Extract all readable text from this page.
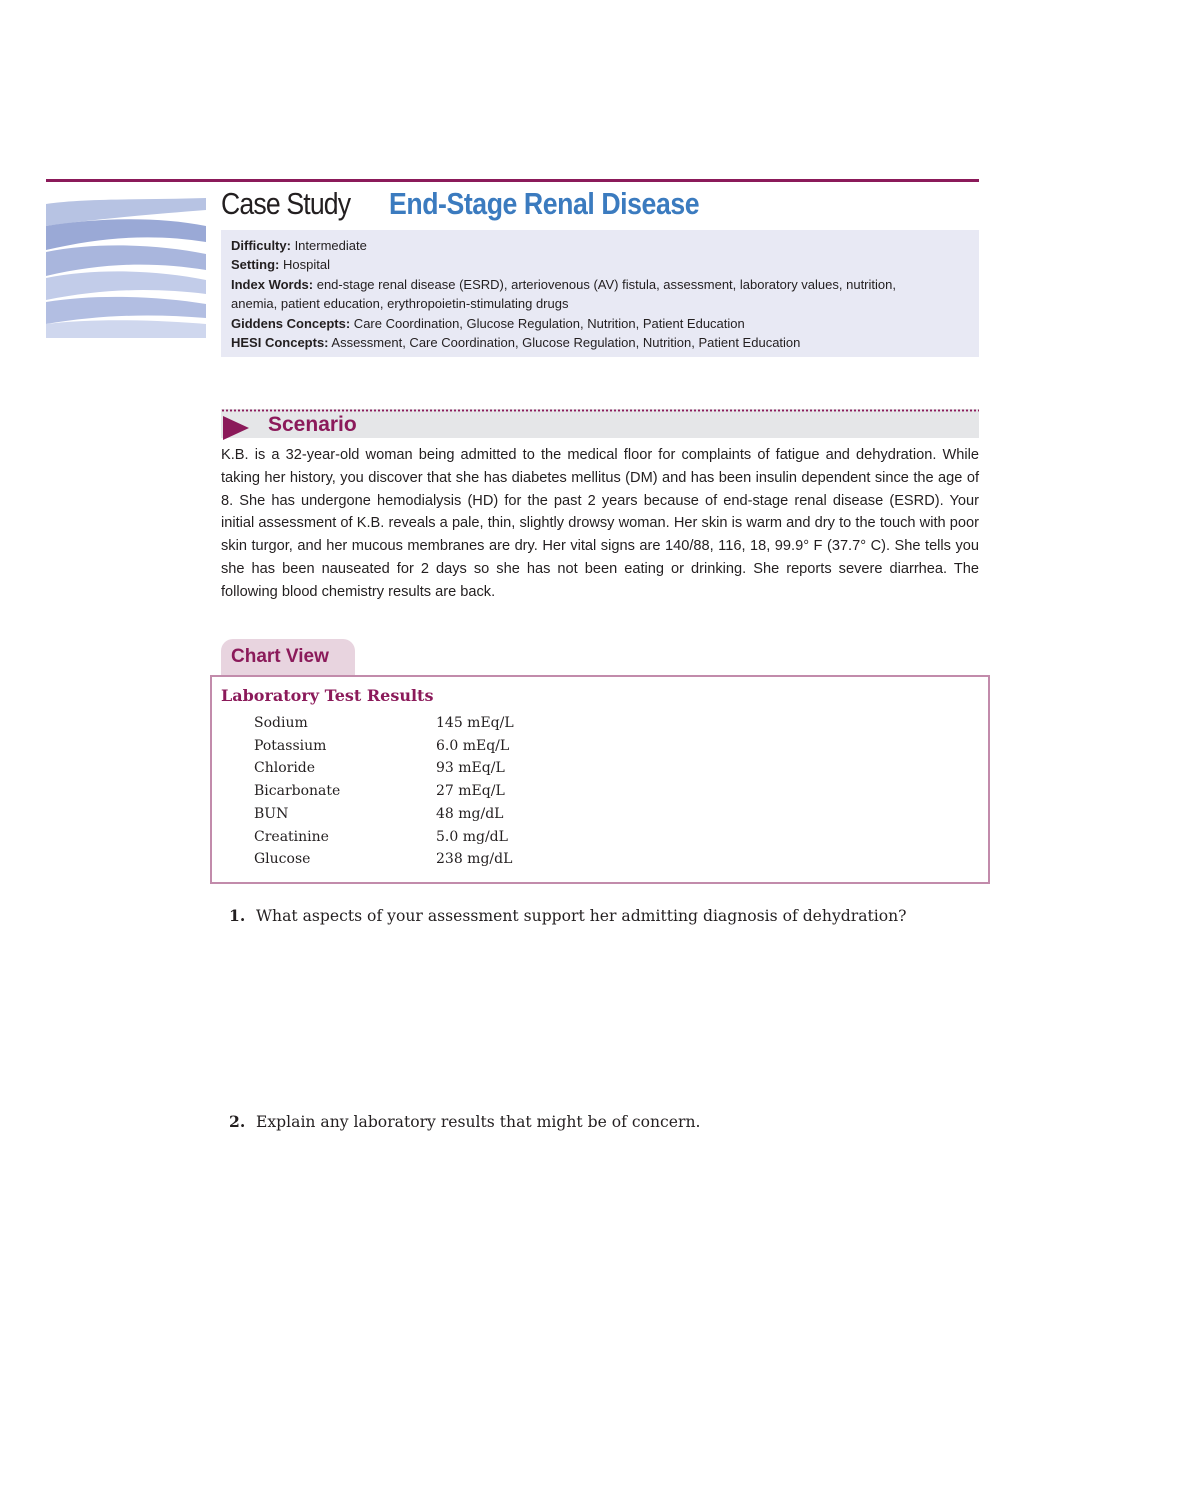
Case Study End-Stage Renal Disease
Difficulty: Intermediate
Setting: Hospital
Index Words: end-stage renal disease (ESRD), arteriovenous (AV) fistula, assessment, laboratory values, nutrition,
anemia, patient education, erythropoietin-stimulating drugs
Giddens Concepts: Care Coordination, Glucose Regulation, Nutrition, Patient Education
HESI Concepts: Assessment, Care Coordination, Glucose Regulation, Nutrition, Patient Education
Scenario
K.B. is a 32-year-old woman being admitted to the medical floor for complaints of fatigue and dehydration. While taking her history, you discover that she has diabetes mellitus (DM) and has been insulin dependent since the age of 8. She has undergone hemodialysis (HD) for the past 2 years because of end-stage renal disease (ESRD). Your initial assessment of K.B. reveals a pale, thin, slightly drowsy woman. Her skin is warm and dry to the touch with poor skin turgor, and her mucous membranes are dry. Her vital signs are 140/88, 116, 18, 99.9° F (37.7° C). She tells you she has been nauseated for 2 days so she has not been eating or drinking. She reports severe diarrhea. The following blood chemistry results are back.
Chart View
Laboratory Test Results
Sodium	145 mEq/L
Potassium	6.0 mEq/L
Chloride	93 mEq/L
Bicarbonate	27 mEq/L
BUN	48 mg/dL
Creatinine	5.0 mg/dL
Glucose	238 mg/dL
1. What aspects of your assessment support her admitting diagnosis of dehydration?
2. Explain any laboratory results that might be of concern.
